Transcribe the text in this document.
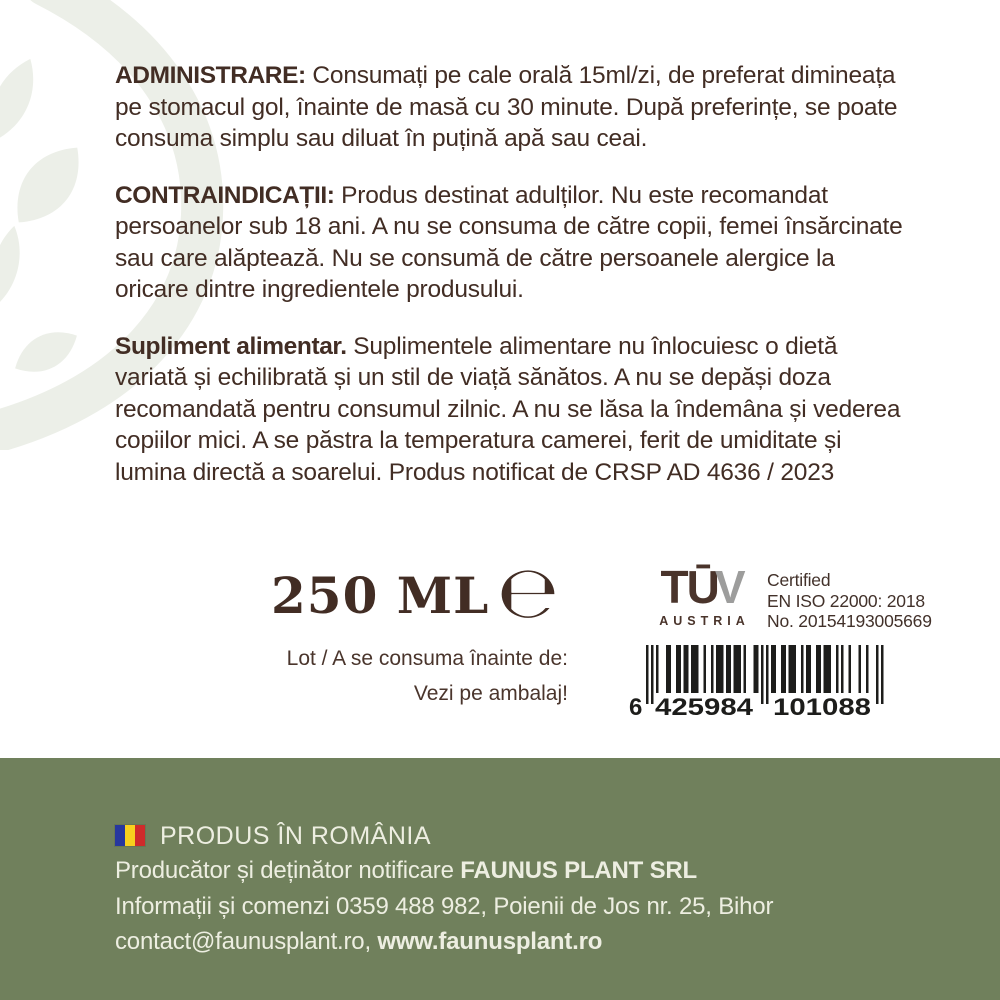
ADMINISTRARE: Consumați pe cale orală 15ml/zi, de preferat dimineața pe stomacul gol, înainte de masă cu 30 minute. După preferințe, se poate consuma simplu sau diluat în puțină apă sau ceai.

CONTRAINDICAȚII: Produs destinat adulților. Nu este recomandat persoanelor sub 18 ani. A nu se consuma de către copii, femei însărcinate sau care alăptează. Nu se consumă de către persoanele alergice la oricare dintre ingredientele produsului.

Supliment alimentar. Suplimentele alimentare nu înlocuiesc o dietă variată și echilibrată și un stil de viață sănătos. A nu se depăși doza recomandată pentru consumul zilnic. A nu se lăsa la îndemâna și vederea copiilor mici. A se păstra la temperatura camerei, ferit de umiditate și lumina directă a soarelui. Produs notificat de CRSP AD 4636 / 2023

250 ML ℮
Lot / A se consuma înainte de:
Vezi pe ambalaj!
TŪV
AUSTRIA
Certified
EN ISO 22000: 2018
No. 20154193005669
6 425984 101088
PRODUS ÎN ROMÂNIA
Producător și deținător notificare FAUNUS PLANT SRL
Informații și comenzi 0359 488 982, Poienii de Jos nr. 25, Bihor
contact@faunusplant.ro, www.faunusplant.ro
